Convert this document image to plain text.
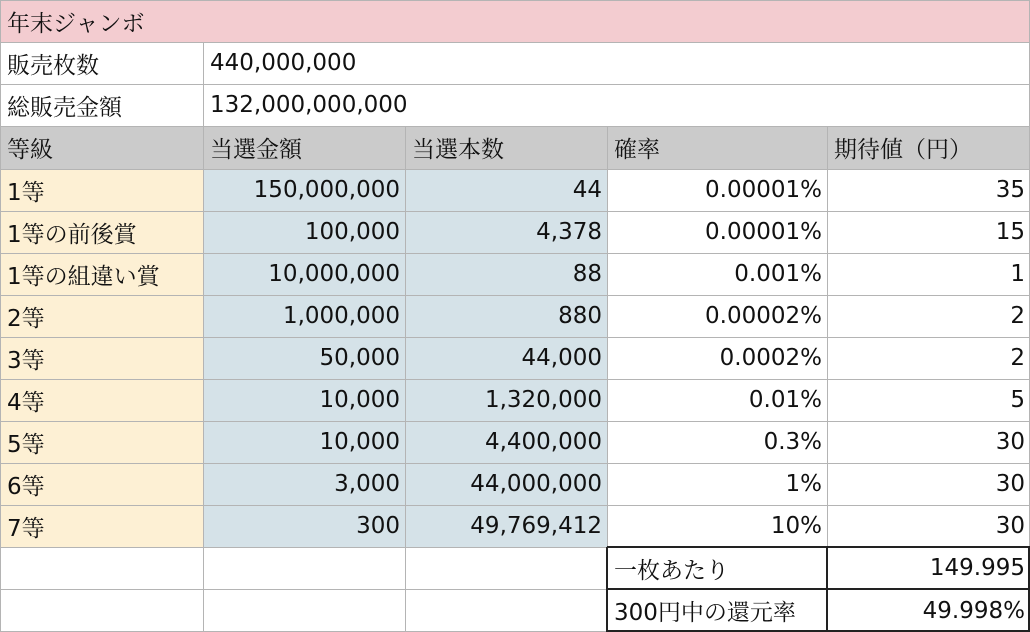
年末ジャンボ
販売枚数	440,000,000
総販売金額	132,000,000,000
等級	当選金額	当選本数	確率	期待値（円）
1等	150,000,000	44	0.00001%	35
1等の前後賞	100,000	4,378	0.00001%	15
1等の組違い賞	10,000,000	88	0.001%	1
2等	1,000,000	880	0.00002%	2
3等	50,000	44,000	0.0002%	2
4等	10,000	1,320,000	0.01%	5
5等	10,000	4,400,000	0.3%	30
6等	3,000	44,000,000	1%	30
7等	300	49,769,412	10%	30
一枚あたり	149.995
300円中の還元率	49.998%
